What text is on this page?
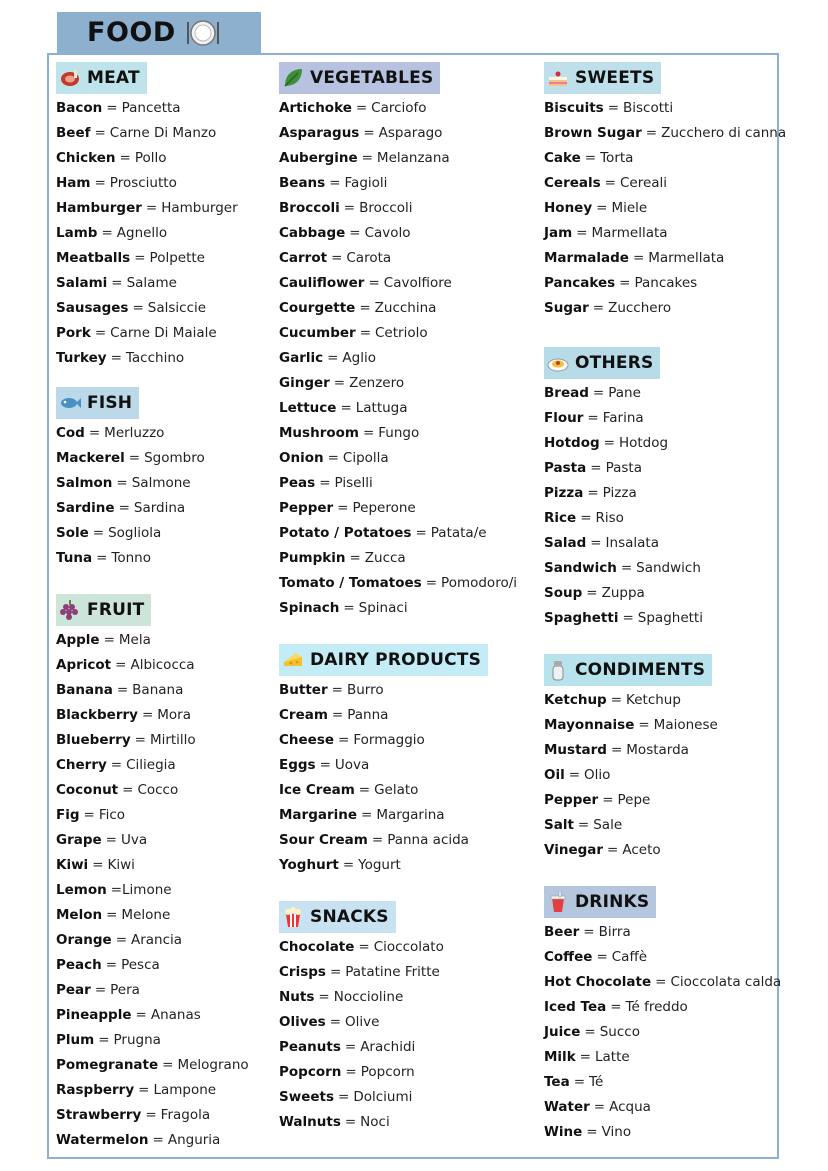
FOOD
MEAT
Bacon = Pancetta
Beef = Carne Di Manzo
Chicken = Pollo
Ham = Prosciutto
Hamburger = Hamburger
Lamb = Agnello
Meatballs = Polpette
Salami = Salame
Sausages = Salsiccie
Pork = Carne Di Maiale
Turkey = Tacchino
FISH
Cod = Merluzzo
Mackerel = Sgombro
Salmon = Salmone
Sardine = Sardina
Sole = Sogliola
Tuna = Tonno
FRUIT
Apple = Mela
Apricot = Albicocca
Banana = Banana
Blackberry = Mora
Blueberry = Mirtillo
Cherry = Ciliegia
Coconut = Cocco
Fig = Fico
Grape = Uva
Kiwi = Kiwi
Lemon =Limone
Melon = Melone
Orange = Arancia
Peach = Pesca
Pear = Pera
Pineapple = Ananas
Plum = Prugna
Pomegranate = Melograno
Raspberry = Lampone
Strawberry = Fragola
Watermelon = Anguria
VEGETABLES
Artichoke = Carciofo
Asparagus = Asparago
Aubergine = Melanzana
Beans = Fagioli
Broccoli = Broccoli
Cabbage = Cavolo
Carrot = Carota
Cauliflower = Cavolfiore
Courgette = Zucchina
Cucumber = Cetriolo
Garlic = Aglio
Ginger = Zenzero
Lettuce = Lattuga
Mushroom = Fungo
Onion = Cipolla
Peas = Piselli
Pepper = Peperone
Potato / Potatoes = Patata/e
Pumpkin = Zucca
Tomato / Tomatoes = Pomodoro/i
Spinach = Spinaci
DAIRY PRODUCTS
Butter = Burro
Cream = Panna
Cheese = Formaggio
Eggs = Uova
Ice Cream = Gelato
Margarine = Margarina
Sour Cream = Panna acida
Yoghurt = Yogurt
SNACKS
Chocolate = Cioccolato
Crisps = Patatine Fritte
Nuts = Noccioline
Olives = Olive
Peanuts = Arachidi
Popcorn = Popcorn
Sweets = Dolciumi
Walnuts = Noci
SWEETS
Biscuits = Biscotti
Brown Sugar = Zucchero di canna
Cake = Torta
Cereals = Cereali
Honey = Miele
Jam = Marmellata
Marmalade = Marmellata
Pancakes = Pancakes
Sugar = Zucchero
OTHERS
Bread = Pane
Flour = Farina
Hotdog = Hotdog
Pasta = Pasta
Pizza = Pizza
Rice = Riso
Salad = Insalata
Sandwich = Sandwich
Soup = Zuppa
Spaghetti = Spaghetti
CONDIMENTS
Ketchup = Ketchup
Mayonnaise = Maionese
Mustard = Mostarda
Oil = Olio
Pepper = Pepe
Salt = Sale
Vinegar = Aceto
DRINKS
Beer = Birra
Coffee = Caffè
Hot Chocolate = Cioccolata calda
Iced Tea = Té freddo
Juice = Succo
Milk = Latte
Tea = Té
Water = Acqua
Wine = Vino
